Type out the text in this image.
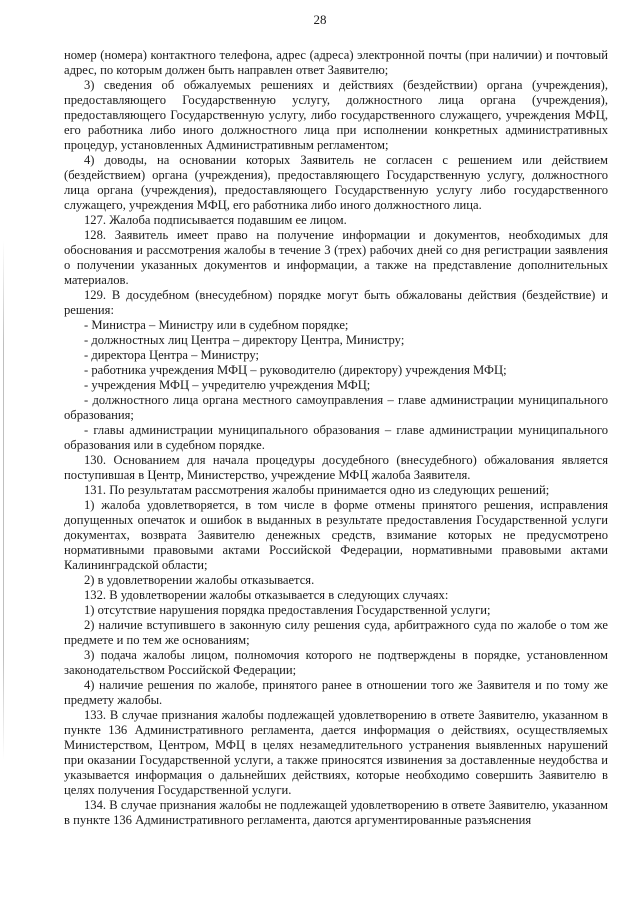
28

номер (номера) контактного телефона, адрес (адреса) электронной почты (при наличии) и почтовый адрес, по которым должен быть направлен ответ Заявителю;

3) сведения об обжалуемых решениях и действиях (бездействии) органа (учреждения), предоставляющего Государственную услугу, должностного лица органа (учреждения), предоставляющего Государственную услугу, либо государственного служащего, учреждения МФЦ, его работника либо иного должностного лица при исполнении конкретных административных процедур, установленных Административным регламентом;

4) доводы, на основании которых Заявитель не согласен с решением или действием (бездействием) органа (учреждения), предоставляющего Государственную услугу, должностного лица органа (учреждения), предоставляющего Государственную услугу либо государственного служащего, учреждения МФЦ, его работника либо иного должностного лица.

127. Жалоба подписывается подавшим ее лицом.

128. Заявитель имеет право на получение информации и документов, необходимых для обоснования и рассмотрения жалобы в течение 3 (трех) рабочих дней со дня регистрации заявления о получении указанных документов и информации, а также на представление дополнительных материалов.

129. В досудебном (внесудебном) порядке могут быть обжалованы действия (бездействие) и решения:

- Министра – Министру или в судебном порядке;

- должностных лиц Центра – директору Центра, Министру;

- директора Центра – Министру;

- работника учреждения МФЦ – руководителю (директору) учреждения МФЦ;

- учреждения МФЦ – учредителю учреждения МФЦ;

- должностного лица органа местного самоуправления – главе администрации муниципального образования;

- главы администрации муниципального образования – главе администрации муниципального образования или в судебном порядке.

130. Основанием для начала процедуры досудебного (внесудебного) обжалования является поступившая в Центр, Министерство, учреждение МФЦ жалоба Заявителя.

131. По результатам рассмотрения жалобы принимается одно из следующих решений;

1) жалоба удовлетворяется, в том числе в форме отмены принятого решения, исправления допущенных опечаток и ошибок в выданных в результате предоставления Государственной услуги документах, возврата Заявителю денежных средств, взимание которых не предусмотрено нормативными правовыми актами Российской Федерации, нормативными правовыми актами Калининградской области;

2) в удовлетворении жалобы отказывается.

132. В удовлетворении жалобы отказывается в следующих случаях:

1) отсутствие нарушения порядка предоставления Государственной услуги;

2) наличие вступившего в законную силу решения суда, арбитражного суда по жалобе о том же предмете и по тем же основаниям;

3) подача жалобы лицом, полномочия которого не подтверждены в порядке, установленном законодательством Российской Федерации;

4) наличие решения по жалобе, принятого ранее в отношении того же Заявителя и по тому же предмету жалобы.

133. В случае признания жалобы подлежащей удовлетворению в ответе Заявителю, указанном в пункте 136 Административного регламента, дается информация о действиях, осуществляемых Министерством, Центром, МФЦ в целях незамедлительного устранения выявленных нарушений при оказании Государственной услуги, а также приносятся извинения за доставленные неудобства и указывается информация о дальнейших действиях, которые необходимо совершить Заявителю в целях получения Государственной услуги.

134. В случае признания жалобы не подлежащей удовлетворению в ответе Заявителю, указанном в пункте 136 Административного регламента, даются аргументированные разъяснения
